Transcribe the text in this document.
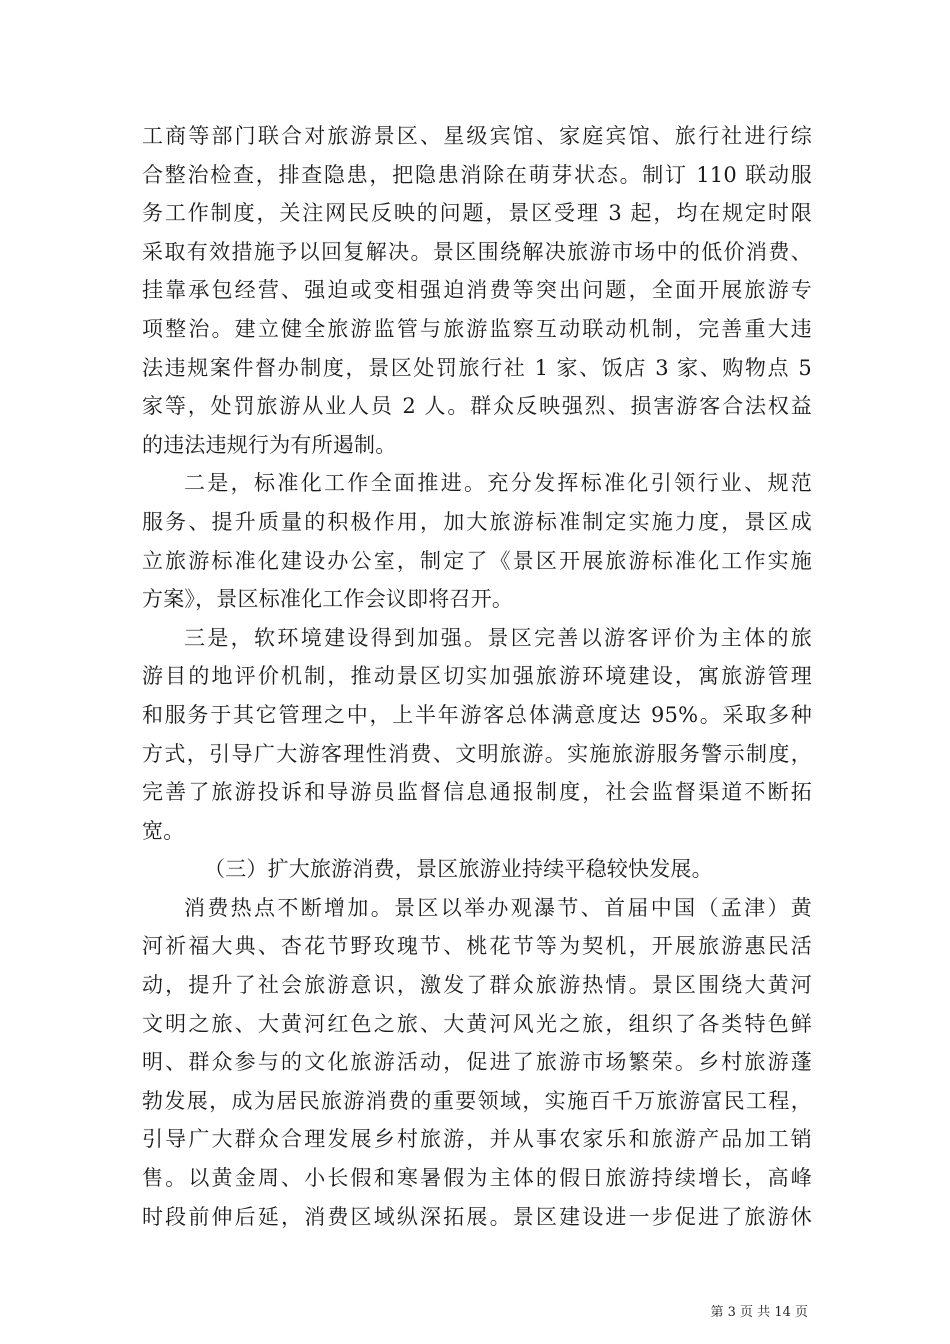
工商等部门联合对旅游景区、星级宾馆、家庭宾馆、旅行社进行综
合整治检查，排查隐患，把隐患消除在萌芽状态。制订 110 联动服
务工作制度，关注网民反映的问题，景区受理 3 起，均在规定时限
采取有效措施予以回复解决。景区围绕解决旅游市场中的低价消费、
挂靠承包经营、强迫或变相强迫消费等突出问题，全面开展旅游专
项整治。建立健全旅游监管与旅游监察互动联动机制，完善重大违
法违规案件督办制度，景区处罚旅行社 1 家、饭店 3 家、购物点 5
家等，处罚旅游从业人员 2 人。群众反映强烈、损害游客合法权益
的违法违规行为有所遏制。
二是，标准化工作全面推进。充分发挥标准化引领行业、规范
服务、提升质量的积极作用，加大旅游标准制定实施力度，景区成
立旅游标准化建设办公室，制定了《景区开展旅游标准化工作实施
方案》，景区标准化工作会议即将召开。
三是，软环境建设得到加强。景区完善以游客评价为主体的旅
游目的地评价机制，推动景区切实加强旅游环境建设，寓旅游管理
和服务于其它管理之中，上半年游客总体满意度达 95%。采取多种
方式，引导广大游客理性消费、文明旅游。实施旅游服务警示制度，
完善了旅游投诉和导游员监督信息通报制度，社会监督渠道不断拓
宽。
（三）扩大旅游消费，景区旅游业持续平稳较快发展。
消费热点不断增加。景区以举办观瀑节、首届中国（孟津）黄
河祈福大典、杏花节野玫瑰节、桃花节等为契机，开展旅游惠民活
动，提升了社会旅游意识，激发了群众旅游热情。景区围绕大黄河
文明之旅、大黄河红色之旅、大黄河风光之旅，组织了各类特色鲜
明、群众参与的文化旅游活动，促进了旅游市场繁荣。乡村旅游蓬
勃发展，成为居民旅游消费的重要领域，实施百千万旅游富民工程，
引导广大群众合理发展乡村旅游，并从事农家乐和旅游产品加工销
售。以黄金周、小长假和寒暑假为主体的假日旅游持续增长，高峰
时段前伸后延，消费区域纵深拓展。景区建设进一步促进了旅游休
第 3 页 共 14 页
